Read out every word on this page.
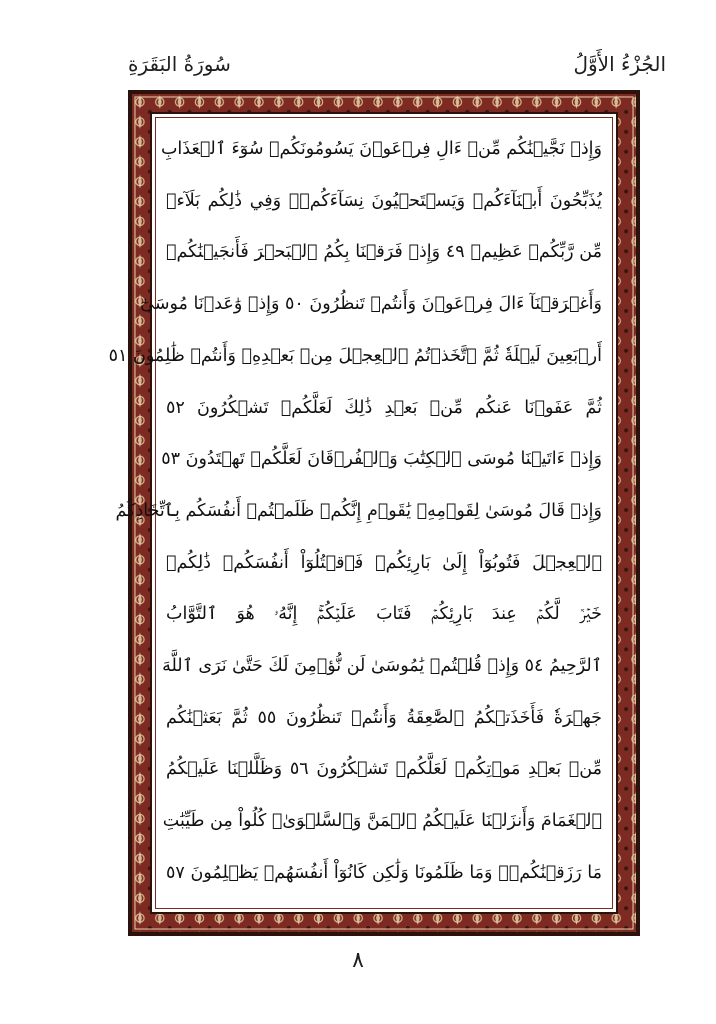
الجُزْءُ الأَوَّلُ
سُورَةُ البَقَرَةِ
وَإِذۡ نَجَّيۡنَٰكُم مِّنۡ ءَالِ فِرۡعَوۡنَ يَسُومُونَكُمۡ سُوٓءَ ٱلۡعَذَابِ
يُذَبِّحُونَ أَبۡنَآءَكُمۡ وَيَسۡتَحۡيُونَ نِسَآءَكُمۡۚ وَفِي ذَٰلِكُم بَلَآءٞ
مِّن رَّبِّكُمۡ عَظِيمٞ ٤٩ وَإِذۡ فَرَقۡنَا بِكُمُ ٱلۡبَحۡرَ فَأَنجَيۡنَٰكُمۡ
وَأَغۡرَقۡنَآ ءَالَ فِرۡعَوۡنَ وَأَنتُمۡ تَنظُرُونَ ٥٠ وَإِذۡ وَٰعَدۡنَا مُوسَىٰٓ
أَرۡبَعِينَ لَيۡلَةٗ ثُمَّ ٱتَّخَذۡتُمُ ٱلۡعِجۡلَ مِنۢ بَعۡدِهِۦ وَأَنتُمۡ ظَٰلِمُونَ ٥١
ثُمَّ عَفَوۡنَا عَنكُم مِّنۢ بَعۡدِ ذَٰلِكَ لَعَلَّكُمۡ تَشۡكُرُونَ ٥٢
وَإِذۡ ءَاتَيۡنَا مُوسَى ٱلۡكِتَٰبَ وَٱلۡفُرۡقَانَ لَعَلَّكُمۡ تَهۡتَدُونَ ٥٣
وَإِذۡ قَالَ مُوسَىٰ لِقَوۡمِهِۦ يَٰقَوۡمِ إِنَّكُمۡ ظَلَمۡتُمۡ أَنفُسَكُم بِٱتِّخَاذِكُمُ
ٱلۡعِجۡلَ فَتُوبُوٓاْ إِلَىٰ بَارِئِكُمۡ فَٱقۡتُلُوٓاْ أَنفُسَكُمۡ ذَٰلِكُمۡ
خَيۡرٞ لَّكُمۡ عِندَ بَارِئِكُمۡ فَتَابَ عَلَيۡكُمۡۚ إِنَّهُۥ هُوَ ٱلتَّوَّابُ
ٱلرَّحِيمُ ٥٤ وَإِذۡ قُلۡتُمۡ يَٰمُوسَىٰ لَن نُّؤۡمِنَ لَكَ حَتَّىٰ نَرَى ٱللَّهَ
جَهۡرَةٗ فَأَخَذَتۡكُمُ ٱلصَّٰعِقَةُ وَأَنتُمۡ تَنظُرُونَ ٥٥ ثُمَّ بَعَثۡنَٰكُم
مِّنۢ بَعۡدِ مَوۡتِكُمۡ لَعَلَّكُمۡ تَشۡكُرُونَ ٥٦ وَظَلَّلۡنَا عَلَيۡكُمُ
ٱلۡغَمَامَ وَأَنزَلۡنَا عَلَيۡكُمُ ٱلۡمَنَّ وَٱلسَّلۡوَىٰۖ كُلُواْ مِن طَيِّبَٰتِ
مَا رَزَقۡنَٰكُمۡۚ وَمَا ظَلَمُونَا وَلَٰكِن كَانُوٓاْ أَنفُسَهُمۡ يَظۡلِمُونَ ٥٧
٨
